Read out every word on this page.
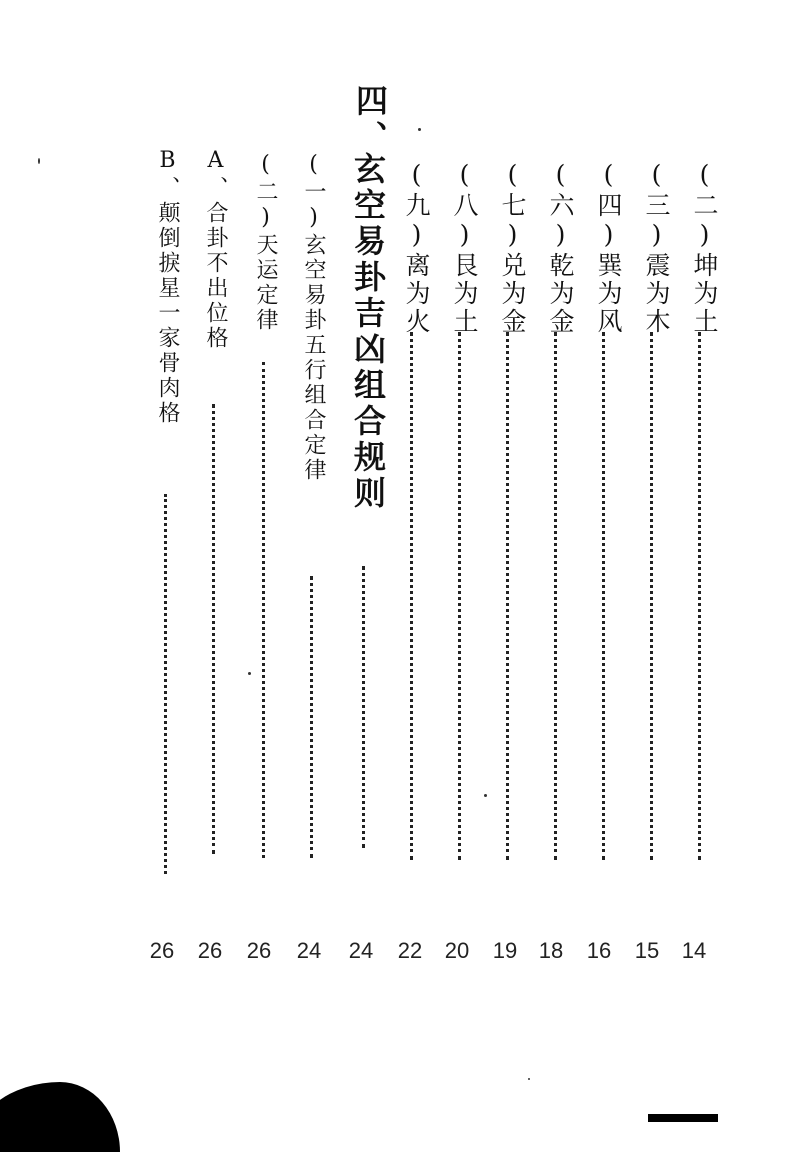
(二)坤为土
(三)震为木
(四)巽为风
(六)乾为金
(七)兑为金
(八)艮为土
(九)离为火
四、
玄空易卦吉凶组合规则
(一)玄空易卦五行组合定律
(二)天运定律
A、合卦不出位格
B、颠倒捩星一家骨肉格
14
15
16
18
19
20
22
24
24
26
26
26
